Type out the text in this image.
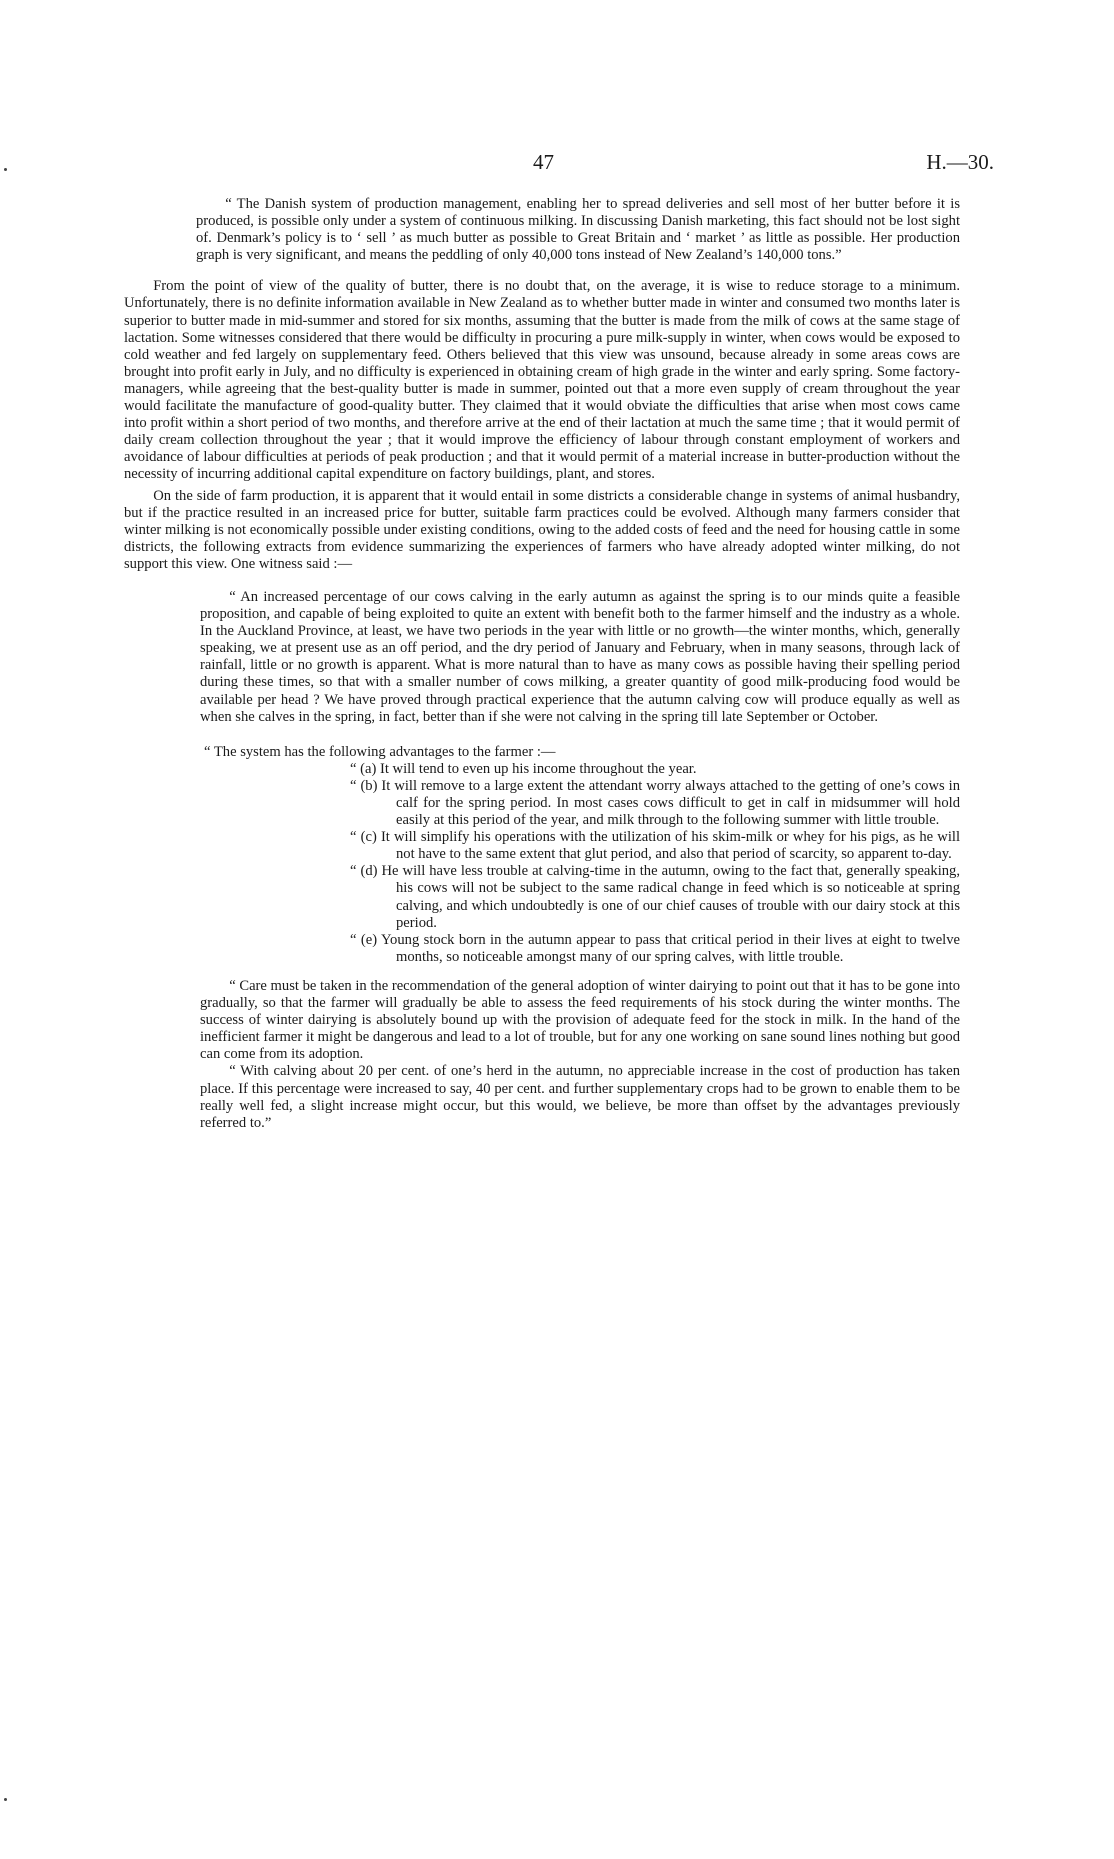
47	H.—30.

“ The Danish system of production management, enabling her to spread deliveries and sell most of her butter before it is produced, is possible only under a system of continuous milking. In discussing Danish marketing, this fact should not be lost sight of. Denmark’s policy is to ‘ sell ’ as much butter as possible to Great Britain and ‘ market ’ as little as possible. Her production graph is very significant, and means the peddling of only 40,000 tons instead of New Zealand’s 140,000 tons.”

From the point of view of the quality of butter, there is no doubt that, on the average, it is wise to reduce storage to a minimum. Unfortunately, there is no definite information available in New Zealand as to whether butter made in winter and consumed two months later is superior to butter made in mid-summer and stored for six months, assuming that the butter is made from the milk of cows at the same stage of lactation. Some witnesses considered that there would be difficulty in procuring a pure milk-supply in winter, when cows would be exposed to cold weather and fed largely on supplementary feed. Others believed that this view was unsound, because already in some areas cows are brought into profit early in July, and no difficulty is experienced in obtaining cream of high grade in the winter and early spring. Some factory-managers, while agreeing that the best-quality butter is made in summer, pointed out that a more even supply of cream throughout the year would facilitate the manufacture of good-quality butter. They claimed that it would obviate the difficulties that arise when most cows came into profit within a short period of two months, and therefore arrive at the end of their lactation at much the same time ; that it would permit of daily cream collection throughout the year ; that it would improve the efficiency of labour through constant employment of workers and avoidance of labour difficulties at periods of peak production ; and that it would permit of a material increase in butter-production without the necessity of incurring additional capital expenditure on factory buildings, plant, and stores.

On the side of farm production, it is apparent that it would entail in some districts a considerable change in systems of animal husbandry, but if the practice resulted in an increased price for butter, suitable farm practices could be evolved. Although many farmers consider that winter milking is not economically possible under existing conditions, owing to the added costs of feed and the need for housing cattle in some districts, the following extracts from evidence summarizing the experiences of farmers who have already adopted winter milking, do not support this view. One witness said :—

“ An increased percentage of our cows calving in the early autumn as against the spring is to our minds quite a feasible proposition, and capable of being exploited to quite an extent with benefit both to the farmer himself and the industry as a whole. In the Auckland Province, at least, we have two periods in the year with little or no growth—the winter months, which, generally speaking, we at present use as an off period, and the dry period of January and February, when in many seasons, through lack of rainfall, little or no growth is apparent. What is more natural than to have as many cows as possible having their spelling period during these times, so that with a smaller number of cows milking, a greater quantity of good milk-producing food would be available per head ? We have proved through practical experience that the autumn calving cow will produce equally as well as when she calves in the spring, in fact, better than if she were not calving in the spring till late September or October.

“ The system has the following advantages to the farmer :—

“ (a) It will tend to even up his income throughout the year.

“ (b) It will remove to a large extent the attendant worry always attached to the getting of one’s cows in calf for the spring period. In most cases cows difficult to get in calf in midsummer will hold easily at this period of the year, and milk through to the following summer with little trouble.

“ (c) It will simplify his operations with the utilization of his skim-milk or whey for his pigs, as he will not have to the same extent that glut period, and also that period of scarcity, so apparent to-day.

“ (d) He will have less trouble at calving-time in the autumn, owing to the fact that, generally speaking, his cows will not be subject to the same radical change in feed which is so noticeable at spring calving, and which undoubtedly is one of our chief causes of trouble with our dairy stock at this period.

“ (e) Young stock born in the autumn appear to pass that critical period in their lives at eight to twelve months, so noticeable amongst many of our spring calves, with little trouble.

“ Care must be taken in the recommendation of the general adoption of winter dairying to point out that it has to be gone into gradually, so that the farmer will gradually be able to assess the feed requirements of his stock during the winter months. The success of winter dairying is absolutely bound up with the provision of adequate feed for the stock in milk. In the hand of the inefficient farmer it might be dangerous and lead to a lot of trouble, but for any one working on sane sound lines nothing but good can come from its adoption.

“ With calving about 20 per cent. of one’s herd in the autumn, no appreciable increase in the cost of production has taken place. If this percentage were increased to say, 40 per cent. and further supplementary crops had to be grown to enable them to be really well fed, a slight increase might occur, but this would, we believe, be more than offset by the advantages previously referred to.”
